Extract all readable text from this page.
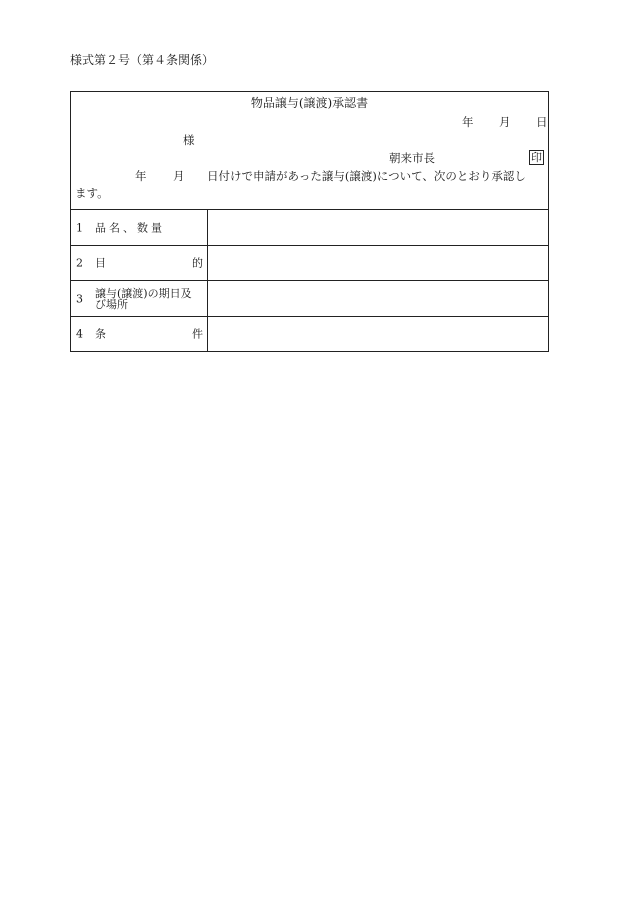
様式第２号（第４条関係）
物品譲与(譲渡)承認書
年 月 日
様
朝来市長	印
年 月 日付けで申請があった譲与(譲渡)について、次のとおり承認し
ます。
1 品名、数量
2 目	的
3 譲与(譲渡)の期日及
び場所
4 条	件
